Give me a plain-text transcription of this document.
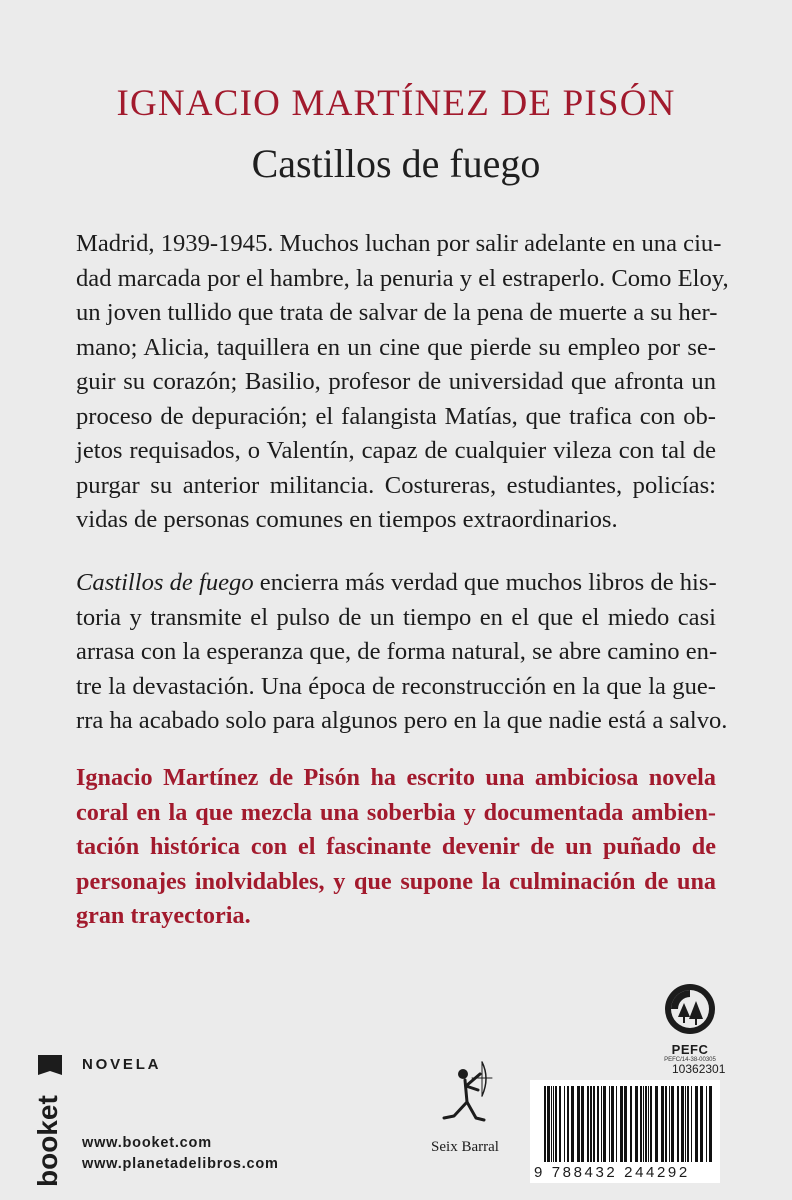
IGNACIO MARTÍNEZ DE PISÓN
Castillos de fuego
Madrid, 1939-1945. Muchos luchan por salir adelante en una ciu-
dad marcada por el hambre, la penuria y el estraperlo. Como Eloy,
un joven tullido que trata de salvar de la pena de muerte a su her-
mano; Alicia, taquillera en un cine que pierde su empleo por se-
guir su corazón; Basilio, profesor de universidad que afronta un
proceso de depuración; el falangista Matías, que trafica con ob-
jetos requisados, o Valentín, capaz de cualquier vileza con tal de
purgar su anterior militancia. Costureras, estudiantes, policías:
vidas de personas comunes en tiempos extraordinarios.
Castillos de fuego encierra más verdad que muchos libros de his-
toria y transmite el pulso de un tiempo en el que el miedo casi
arrasa con la esperanza que, de forma natural, se abre camino en-
tre la devastación. Una época de reconstrucción en la que la gue-
rra ha acabado solo para algunos pero en la que nadie está a salvo.
Ignacio Martínez de Pisón ha escrito una ambiciosa novela
coral en la que mezcla una soberbia y documentada ambien-
tación histórica con el fascinante devenir de un puñado de
personajes inolvidables, y que supone la culminación de una
gran trayectoria.
booket
NOVELA
www.booket.com
www.planetadelibros.com
Seix Barral
PEFC
PEFC/14-38-00305
10362301
9 788432 244292
